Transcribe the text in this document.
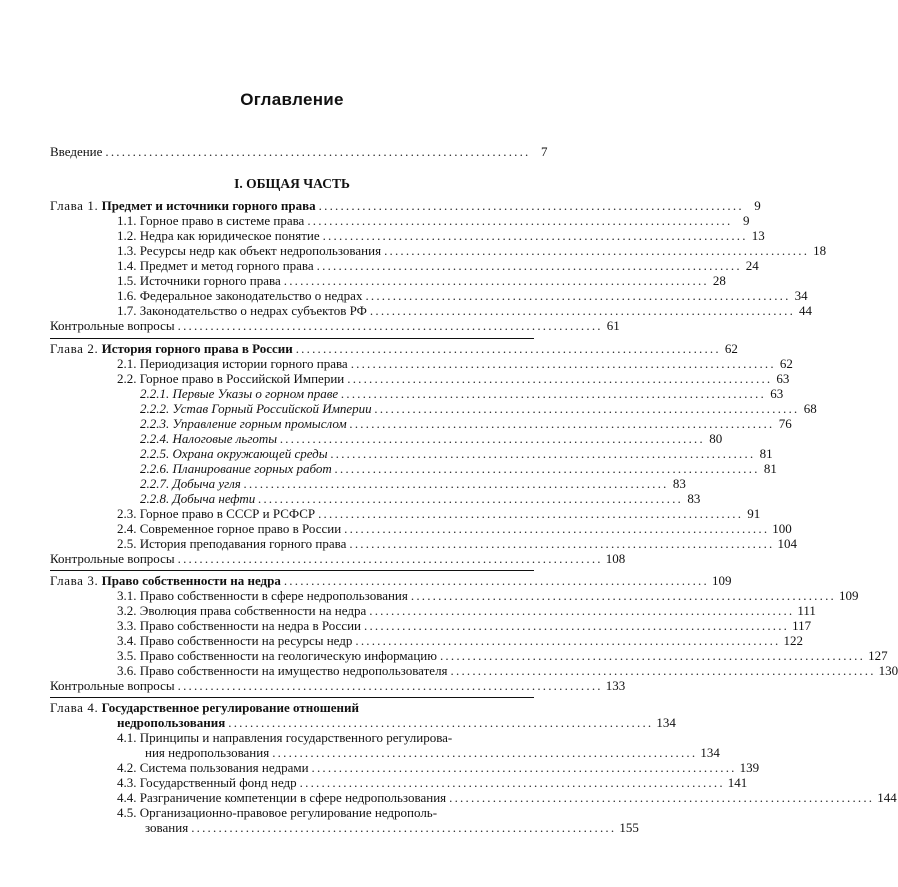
Оглавление
Введение .............................................................................. 7
I. ОБЩАЯ ЧАСТЬ
Глава 1. Предмет и источники горного права .............................................................................. 9
1.1. Горное право в системе права .............................................................................. 9
1.2. Недра как юридическое понятие .............................................................................. 13
1.3. Ресурсы недр как объект недропользования .............................................................................. 18
1.4. Предмет и метод горного права .............................................................................. 24
1.5. Источники горного права .............................................................................. 28
1.6. Федеральное законодательство о недрах .............................................................................. 34
1.7. Законодательство о недрах субъектов РФ .............................................................................. 44
Контрольные вопросы .............................................................................. 61
Глава 2. История горного права в России .............................................................................. 62
2.1. Периодизация истории горного права .............................................................................. 62
2.2. Горное право в Российской Империи .............................................................................. 63
2.2.1. Первые Указы о горном праве .............................................................................. 63
2.2.2. Устав Горный Российской Империи .............................................................................. 68
2.2.3. Управление горным промыслом .............................................................................. 76
2.2.4. Налоговые льготы .............................................................................. 80
2.2.5. Охрана окружающей среды .............................................................................. 81
2.2.6. Планирование горных работ .............................................................................. 81
2.2.7. Добыча угля .............................................................................. 83
2.2.8. Добыча нефти .............................................................................. 83
2.3. Горное право в СССР и РСФСР .............................................................................. 91
2.4. Современное горное право в России .............................................................................. 100
2.5. История преподавания горного права .............................................................................. 104
Контрольные вопросы .............................................................................. 108
Глава 3. Право собственности на недра .............................................................................. 109
3.1. Право собственности в сфере недропользования .............................................................................. 109
3.2. Эволюция права собственности на недра .............................................................................. 111
3.3. Право собственности на недра в России .............................................................................. 117
3.4. Право собственности на ресурсы недр .............................................................................. 122
3.5. Право собственности на геологическую информацию .............................................................................. 127
3.6. Право собственности на имущество недропользователя .............................................................................. 130
Контрольные вопросы .............................................................................. 133
Глава 4. Государственное регулирование отношений
недропользования .............................................................................. 134
4.1. Принципы и направления государственного регулирова-
ния недропользования .............................................................................. 134
4.2. Система пользования недрами .............................................................................. 139
4.3. Государственный фонд недр .............................................................................. 141
4.4. Разграничение компетенции в сфере недропользования .............................................................................. 144
4.5. Организационно-правовое регулирование недрополь-
зования .............................................................................. 155
